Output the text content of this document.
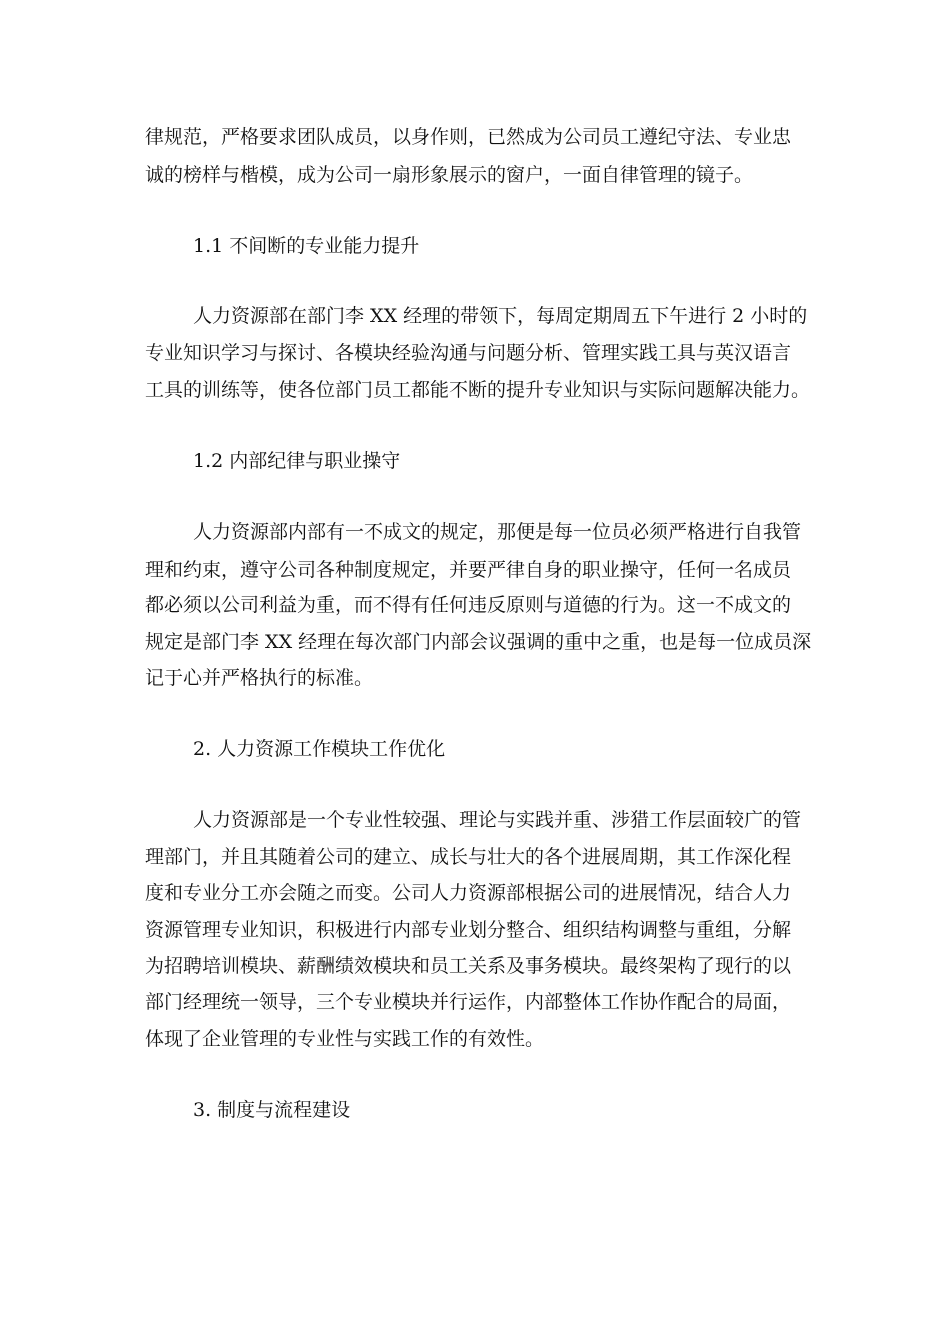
律规范，严格要求团队成员，以身作则，已然成为公司员工遵纪守法、专业忠
诚的榜样与楷模，成为公司一扇形象展示的窗户，一面自律管理的镜子。
1.1 不间断的专业能力提升
人力资源部在部门李 XX 经理的带领下，每周定期周五下午进行 2 小时的
专业知识学习与探讨、各模块经验沟通与问题分析、管理实践工具与英汉语言
工具的训练等，使各位部门员工都能不断的提升专业知识与实际问题解决能力。
1.2 内部纪律与职业操守
人力资源部内部有一不成文的规定，那便是每一位员必须严格进行自我管
理和约束，遵守公司各种制度规定，并要严律自身的职业操守，任何一名成员
都必须以公司利益为重，而不得有任何违反原则与道德的行为。这一不成文的
规定是部门李 XX 经理在每次部门内部会议强调的重中之重，也是每一位成员深
记于心并严格执行的标准。
2. 人力资源工作模块工作优化
人力资源部是一个专业性较强、理论与实践并重、涉猎工作层面较广的管
理部门，并且其随着公司的建立、成长与壮大的各个进展周期，其工作深化程
度和专业分工亦会随之而变。公司人力资源部根据公司的进展情况，结合人力
资源管理专业知识，积极进行内部专业划分整合、组织结构调整与重组，分解
为招聘培训模块、薪酬绩效模块和员工关系及事务模块。最终架构了现行的以
部门经理统一领导，三个专业模块并行运作，内部整体工作协作配合的局面，
体现了企业管理的专业性与实践工作的有效性。
3. 制度与流程建设
